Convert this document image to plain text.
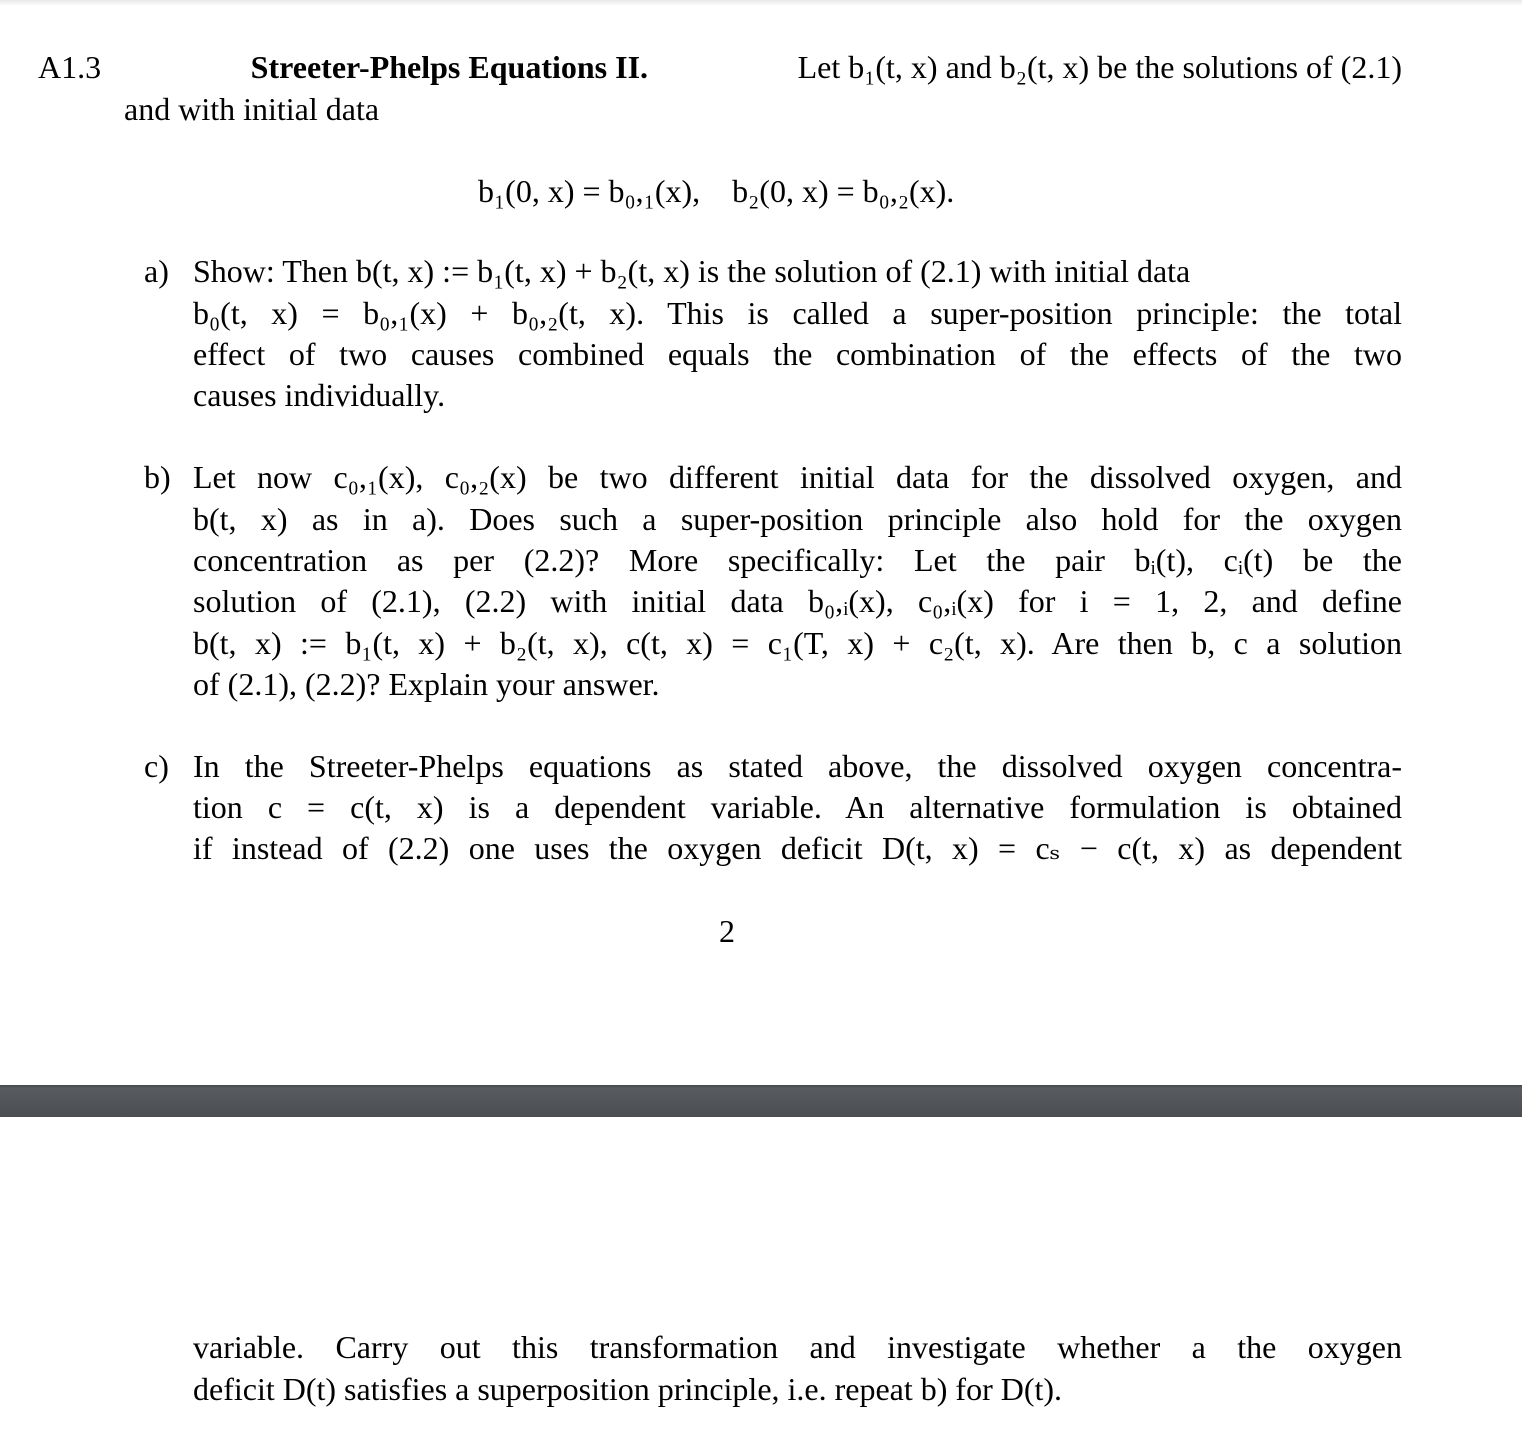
A1.3	Streeter-Phelps Equations II.	Let b₁(t, x) and b₂(t, x) be the solutions of (2.1)
and with initial data
b₁(0, x) = b₀,₁(x),    b₂(0, x) = b₀,₂(x).
a) Show: Then b(t, x) := b₁(t, x) + b₂(t, x) is the solution of (2.1) with initial data
b₀(t, x) = b₀,₁(x) + b₀,₂(t, x). This is called a super-position principle: the total
effect of two causes combined equals the combination of the effects of the two
causes individually.
b) Let now c₀,₁(x), c₀,₂(x) be two different initial data for the dissolved oxygen, and
b(t, x) as in a). Does such a super-position principle also hold for the oxygen
concentration as per (2.2)? More specifically: Let the pair bᵢ(t), cᵢ(t) be the
solution of (2.1), (2.2) with initial data b₀,ᵢ(x), c₀,ᵢ(x) for i = 1, 2, and define
b(t, x) := b₁(t, x) + b₂(t, x), c(t, x) = c₁(T, x) + c₂(t, x). Are then b, c a solution
of (2.1), (2.2)? Explain your answer.
c) In the Streeter-Phelps equations as stated above, the dissolved oxygen concentra-
tion c = c(t, x) is a dependent variable. An alternative formulation is obtained
if instead of (2.2) one uses the oxygen deficit D(t, x) = cₛ − c(t, x) as dependent
2
variable. Carry out this transformation and investigate whether a the oxygen
deficit D(t) satisfies a superposition principle, i.e. repeat b) for D(t).
